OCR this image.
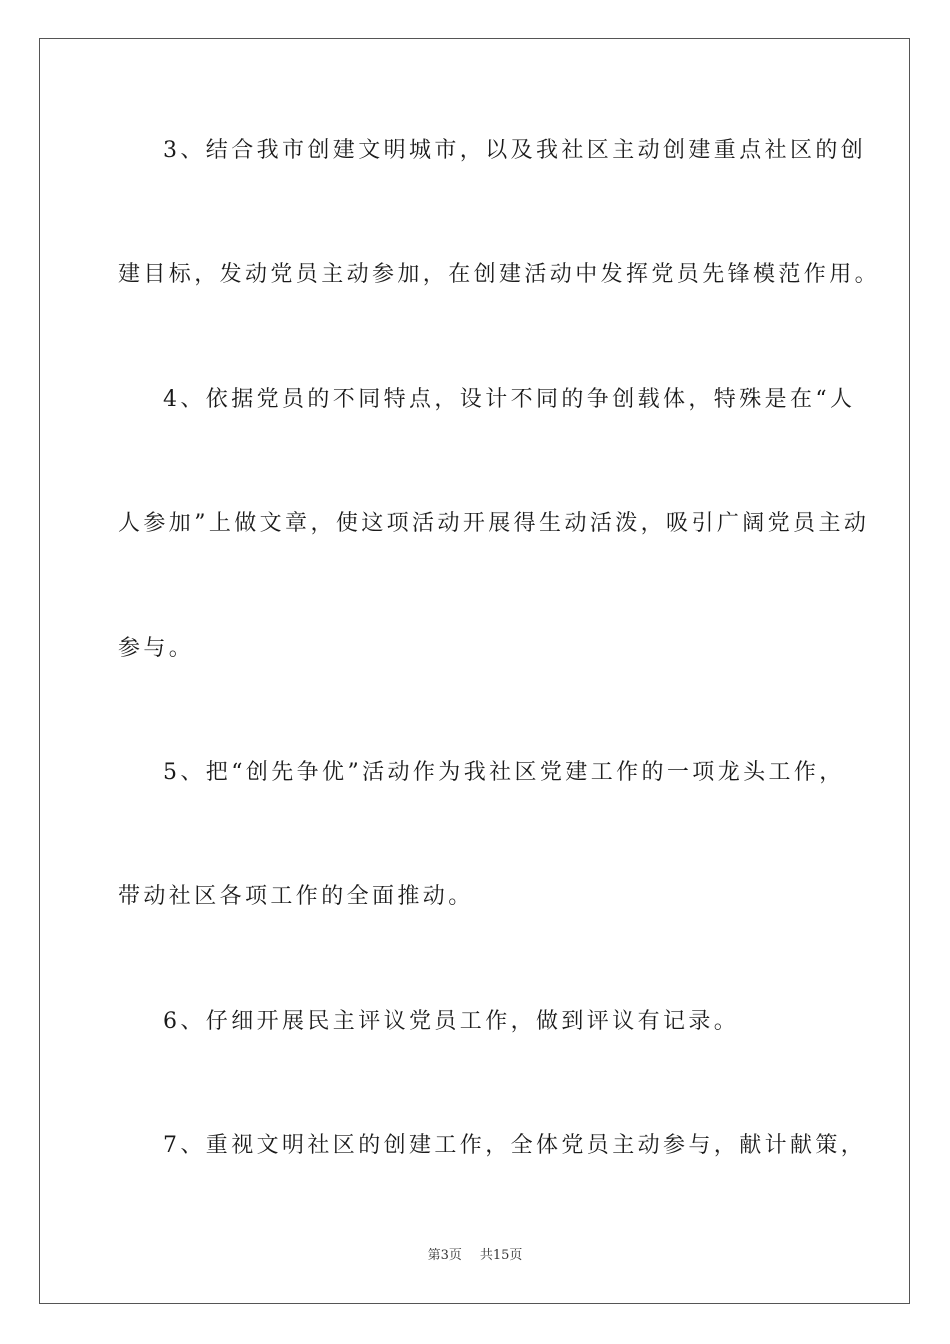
3、结合我市创建文明城市，以及我社区主动创建重点社区的创
建目标，发动党员主动参加，在创建活动中发挥党员先锋模范作用。
4、依据党员的不同特点，设计不同的争创载体，特殊是在“人
人参加”上做文章，使这项活动开展得生动活泼，吸引广阔党员主动
参与。
5、把“创先争优”活动作为我社区党建工作的一项龙头工作，
带动社区各项工作的全面推动。
6、仔细开展民主评议党员工作，做到评议有记录。
7、重视文明社区的创建工作，全体党员主动参与，献计献策，
第3页 共15页
